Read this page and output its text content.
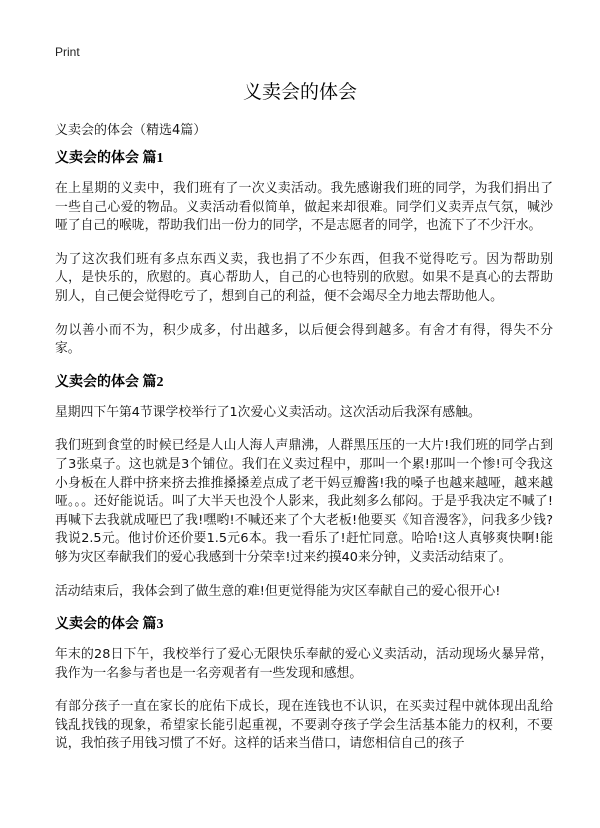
Print
义卖会的体会
义卖会的体会（精选4篇）
义卖会的体会 篇1

在上星期的义卖中，我们班有了一次义卖活动。我先感谢我们班的同学，为我们捐出了一些自己心爱的物品。义卖活动看似简单，做起来却很难。同学们义卖弄点气氛，喊沙哑了自己的喉咙，帮助我们出一份力的同学，不是志愿者的同学，也流下了不少汗水。

为了这次我们班有多点东西义卖，我也捐了不少东西，但我不觉得吃亏。因为帮助别人，是快乐的，欣慰的。真心帮助人，自己的心也特别的欣慰。如果不是真心的去帮助别人，自己便会觉得吃亏了，想到自己的利益，便不会竭尽全力地去帮助他人。

勿以善小而不为，积少成多，付出越多，以后便会得到越多。有舍才有得，得失不分家。

义卖会的体会 篇2

星期四下午第4节课学校举行了1次爱心义卖活动。这次活动后我深有感触。

我们班到食堂的时候已经是人山人海人声鼎沸，人群黑压压的一大片!我们班的同学占到了3张桌子。这也就是3个铺位。我们在义卖过程中，那叫一个累!那叫一个惨!可令我这小身板在人群中挤来挤去推推搡搡差点成了老干妈豆瓣酱!我的嗓子也越来越哑，越来越哑。。。还好能说话。叫了大半天也没个人影来，我此刻多么郁闷。于是乎我决定不喊了!再喊下去我就成哑巴了我!嘿哟!不喊还来了个大老板!他要买《知音漫客》，问我多少钱?我说2.5元。他讨价还价要1.5元6本。我一看乐了!赶忙同意。哈哈!这人真够爽快啊!能够为灾区奉献我们的爱心我感到十分荣幸!过来约摸40来分钟，义卖活动结束了。

活动结束后，我体会到了做生意的难!但更觉得能为灾区奉献自己的爱心很开心!

义卖会的体会 篇3

年末的28日下午，我校举行了爱心无限快乐奉献的爱心义卖活动，活动现场火暴异常，我作为一名参与者也是一名旁观者有一些发现和感想。

有部分孩子一直在家长的庇佑下成长，现在连钱也不认识，在买卖过程中就体现出乱给钱乱找钱的现象，希望家长能引起重视，不要剥夺孩子学会生活基本能力的权利，不要说，我怕孩子用钱习惯了不好。这样的话来当借口，请您相信自己的孩子
